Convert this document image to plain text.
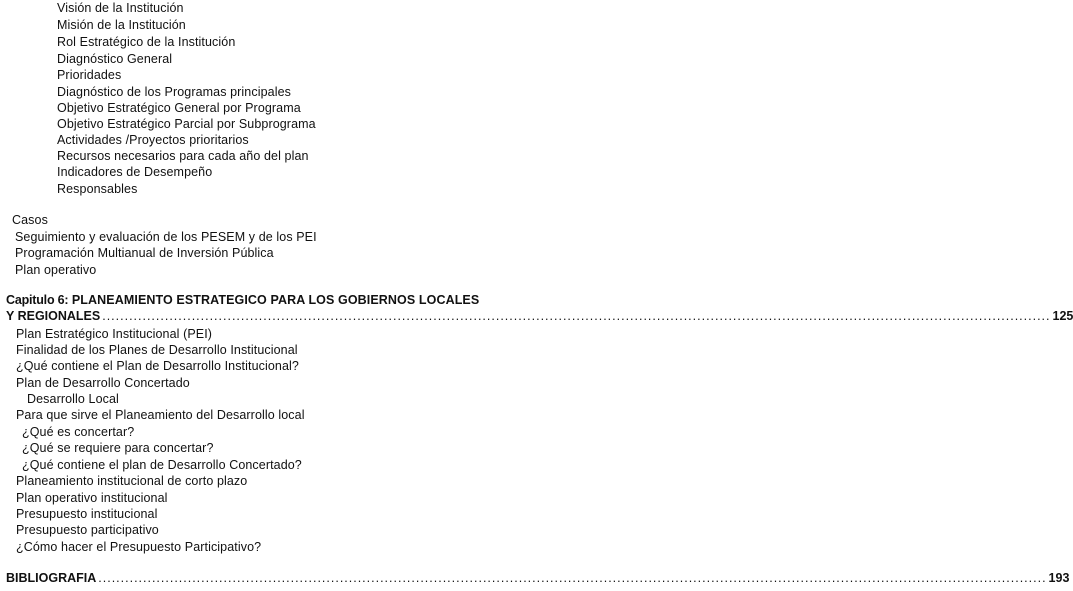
Visión de la Institución
Misión de la Institución
Rol Estratégico de la Institución
Diagnóstico General
Prioridades
Diagnóstico de los Programas principales
Objetivo Estratégico General por Programa
Objetivo Estratégico Parcial por Subprograma
Actividades /Proyectos prioritarios
Recursos necesarios para cada año del plan
Indicadores de Desempeño
Responsables
Casos
Seguimiento y evaluación de los PESEM y de los PEI
Programación Multianual de Inversión Pública
Plan operativo
Capitulo 6: PLANEAMIENTO ESTRATEGICO PARA LOS GOBIERNOS LOCALES
Y REGIONALES .................................................................................................................................................................................................................... 125
Plan Estratégico Institucional (PEI)
Finalidad de los Planes de Desarrollo Institucional
¿Qué contiene el Plan de Desarrollo Institucional?
Plan de Desarrollo Concertado
Desarrollo Local
Para que sirve el Planeamiento del Desarrollo local
¿Qué es concertar?
¿Qué se requiere para concertar?
¿Qué contiene el plan de Desarrollo Concertado?
Planeamiento institucional de corto plazo
Plan operativo institucional
Presupuesto institucional
Presupuesto participativo
¿Cómo hacer el Presupuesto Participativo?
BIBLIOGRAFIA .................................................................................................................................................................................................................... 193
